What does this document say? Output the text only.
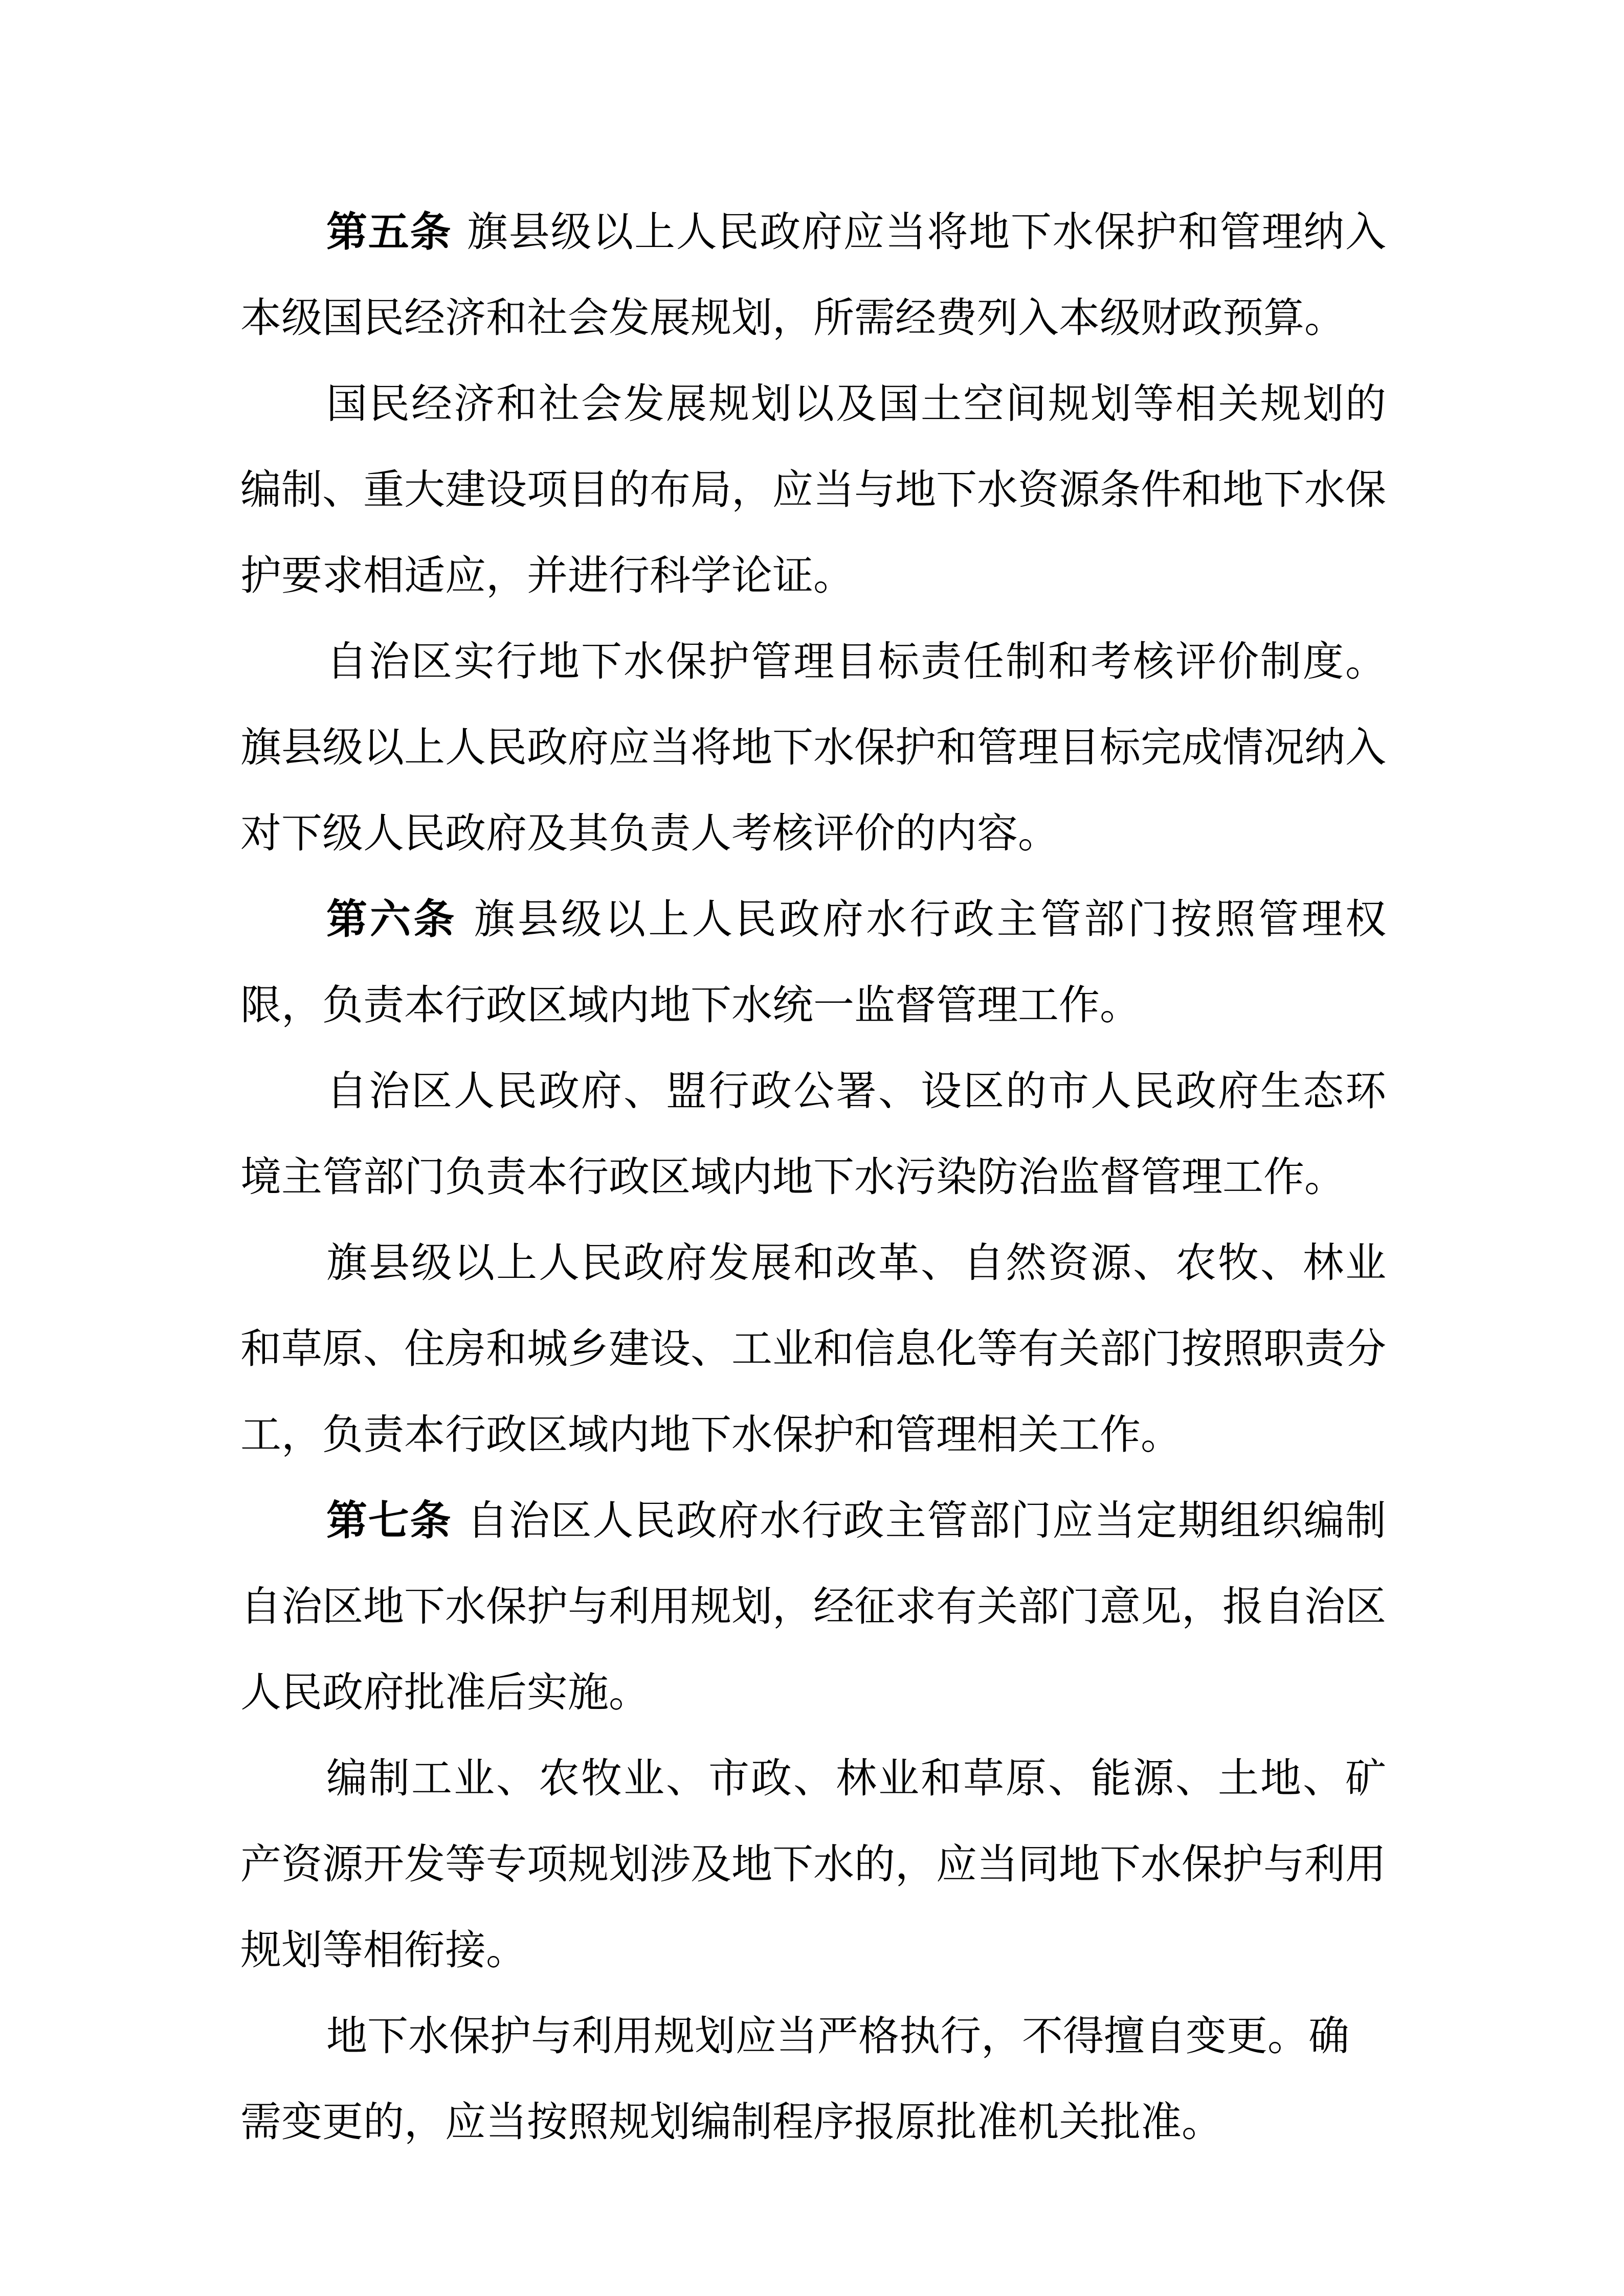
第五条 旗县级以上人民政府应当将地下水保护和管理纳入本级国民经济和社会发展规划，所需经费列入本级财政预算。

国民经济和社会发展规划以及国土空间规划等相关规划的编制、重大建设项目的布局，应当与地下水资源条件和地下水保护要求相适应，并进行科学论证。

自治区实行地下水保护管理目标责任制和考核评价制度。旗县级以上人民政府应当将地下水保护和管理目标完成情况纳入对下级人民政府及其负责人考核评价的内容。

第六条 旗县级以上人民政府水行政主管部门按照管理权限，负责本行政区域内地下水统一监督管理工作。

自治区人民政府、盟行政公署、设区的市人民政府生态环境主管部门负责本行政区域内地下水污染防治监督管理工作。

旗县级以上人民政府发展和改革、自然资源、农牧、林业和草原、住房和城乡建设、工业和信息化等有关部门按照职责分工，负责本行政区域内地下水保护和管理相关工作。

第七条 自治区人民政府水行政主管部门应当定期组织编制自治区地下水保护与利用规划，经征求有关部门意见，报自治区人民政府批准后实施。

编制工业、农牧业、市政、林业和草原、能源、土地、矿产资源开发等专项规划涉及地下水的，应当同地下水保护与利用规划等相衔接。

地下水保护与利用规划应当严格执行，不得擅自变更。确需变更的，应当按照规划编制程序报原批准机关批准。
